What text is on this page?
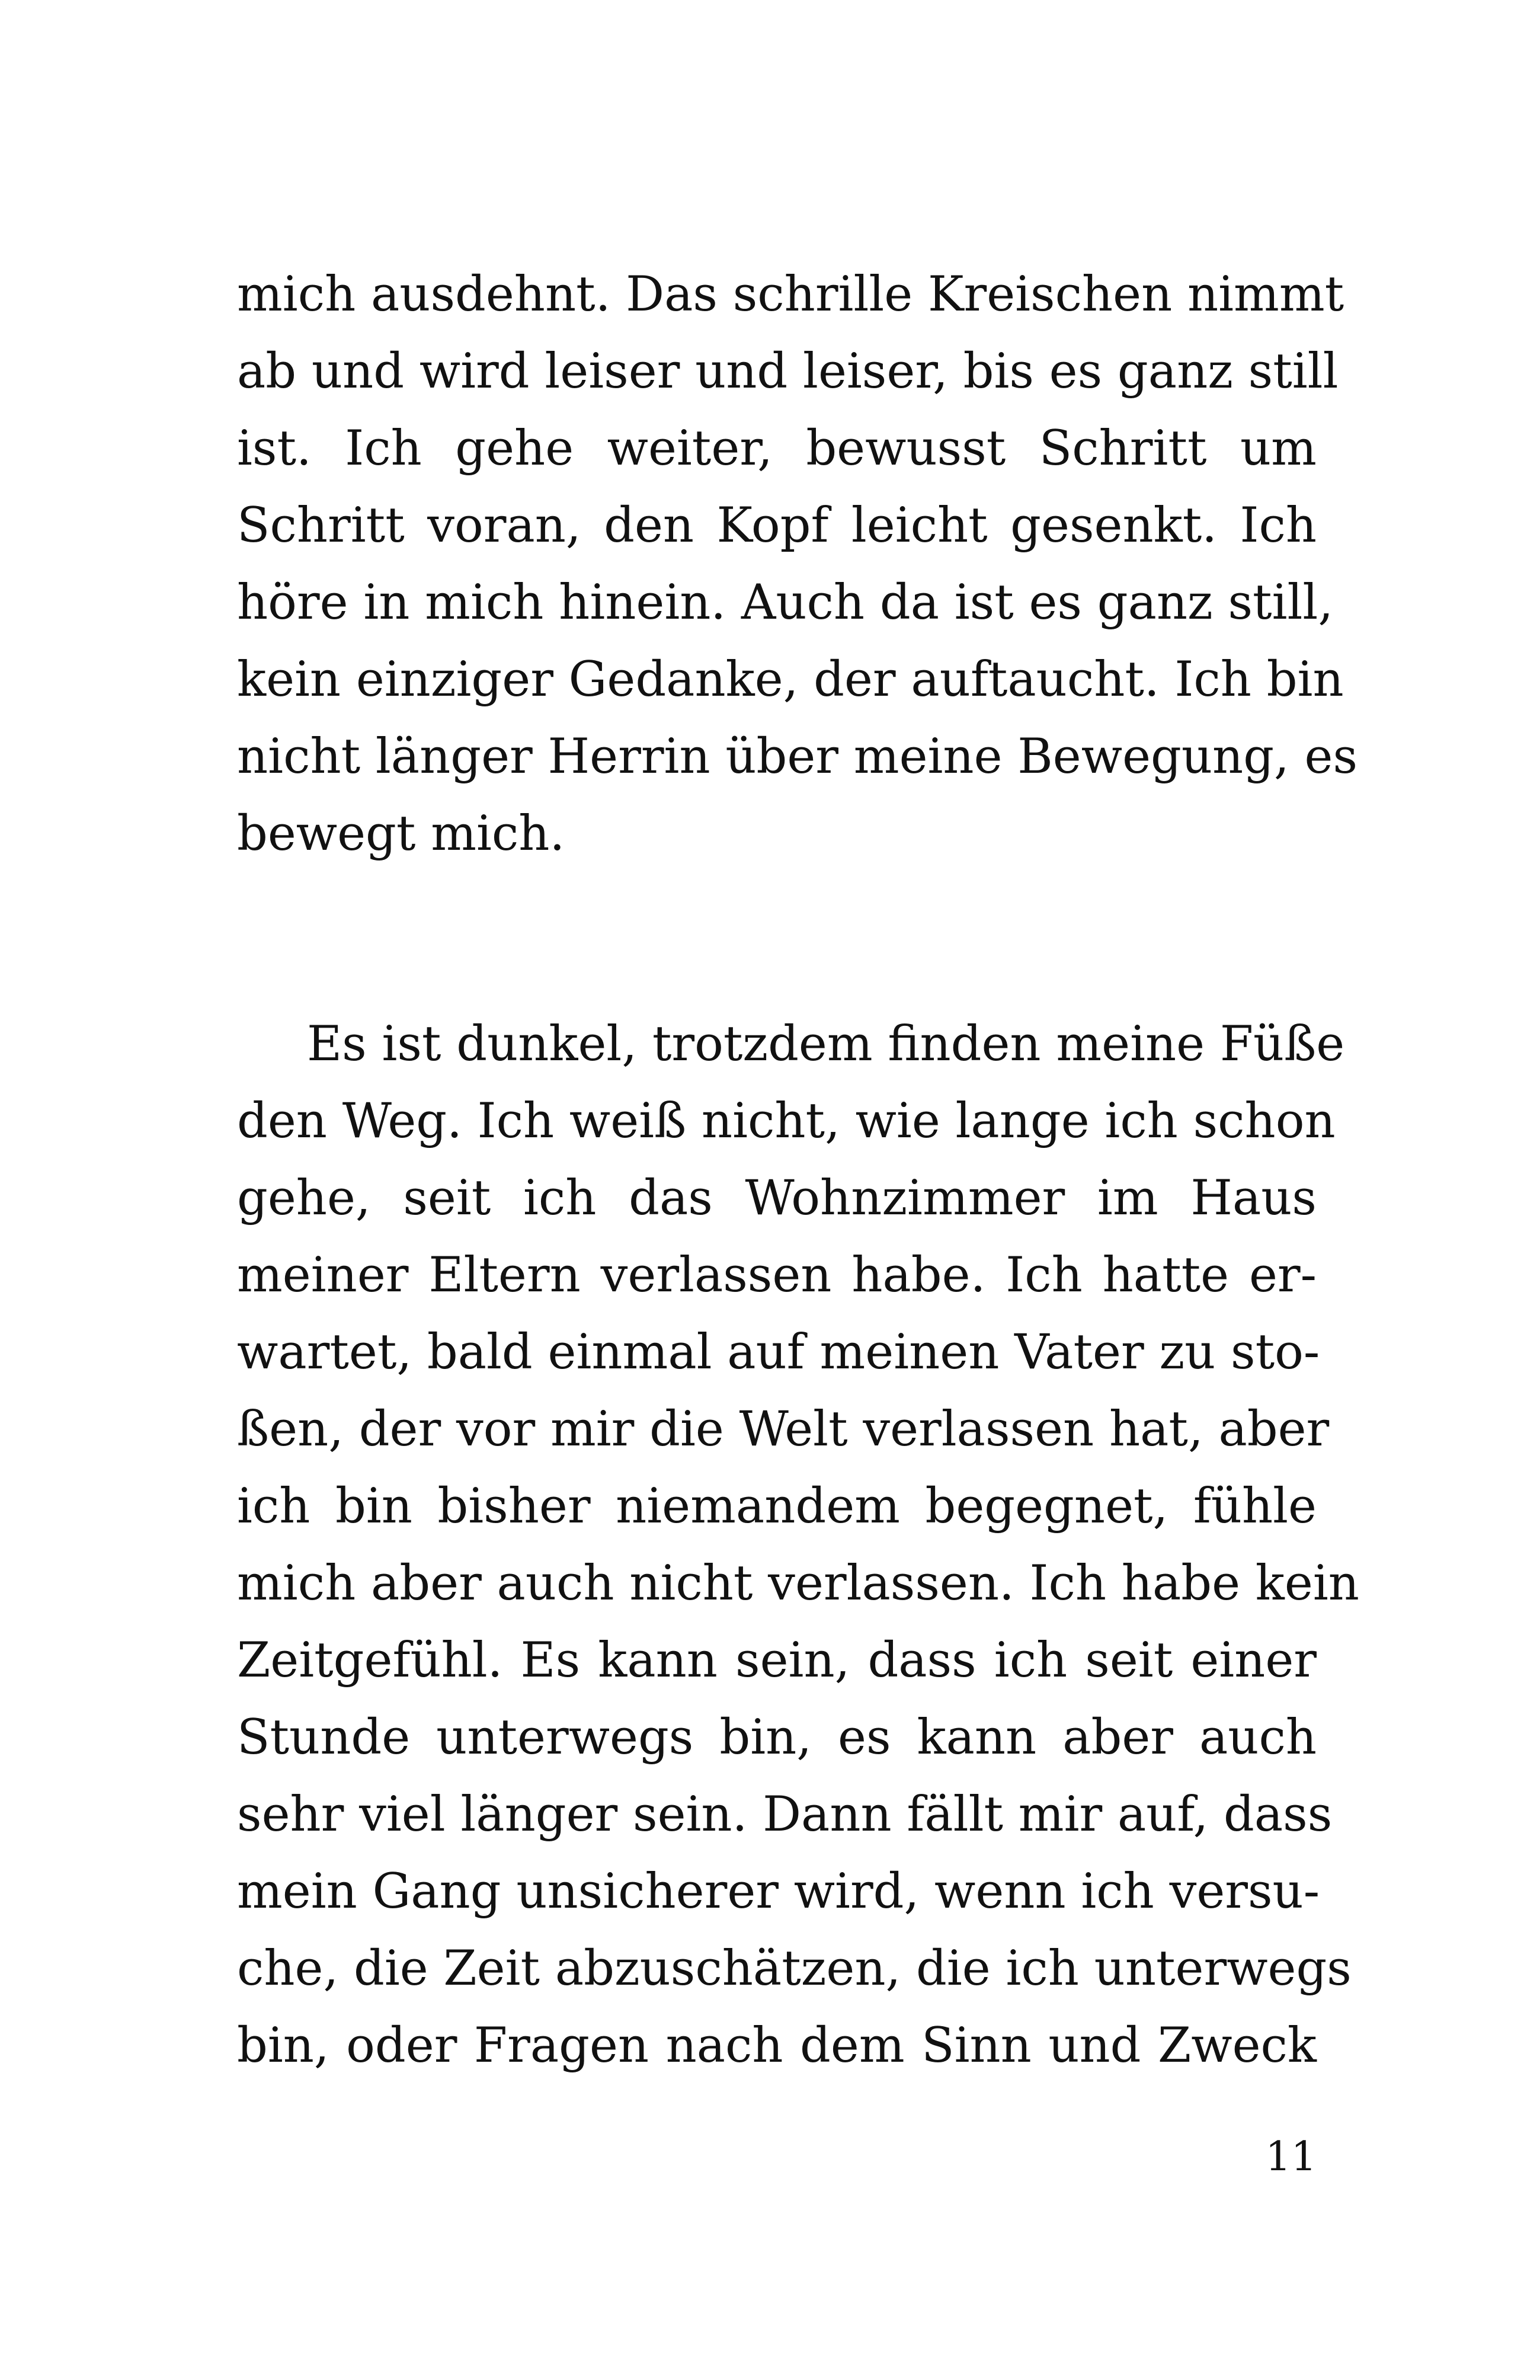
mich ausdehnt. Das schrille Kreischen nimmt
ab und wird leiser und leiser, bis es ganz still
ist. Ich gehe weiter, bewusst Schritt um
Schritt voran, den Kopf leicht gesenkt. Ich
höre in mich hinein. Auch da ist es ganz still,
kein einziger Gedanke, der auftaucht. Ich bin
nicht länger Herrin über meine Bewegung, es
bewegt mich.
Es ist dunkel, trotzdem finden meine Füße
den Weg. Ich weiß nicht, wie lange ich schon
gehe, seit ich das Wohnzimmer im Haus
meiner Eltern verlassen habe. Ich hatte er-
wartet, bald einmal auf meinen Vater zu sto-
ßen, der vor mir die Welt verlassen hat, aber
ich bin bisher niemandem begegnet, fühle
mich aber auch nicht verlassen. Ich habe kein
Zeitgefühl. Es kann sein, dass ich seit einer
Stunde unterwegs bin, es kann aber auch
sehr viel länger sein. Dann fällt mir auf, dass
mein Gang unsicherer wird, wenn ich versu-
che, die Zeit abzuschätzen, die ich unterwegs
bin, oder Fragen nach dem Sinn und Zweck
11
